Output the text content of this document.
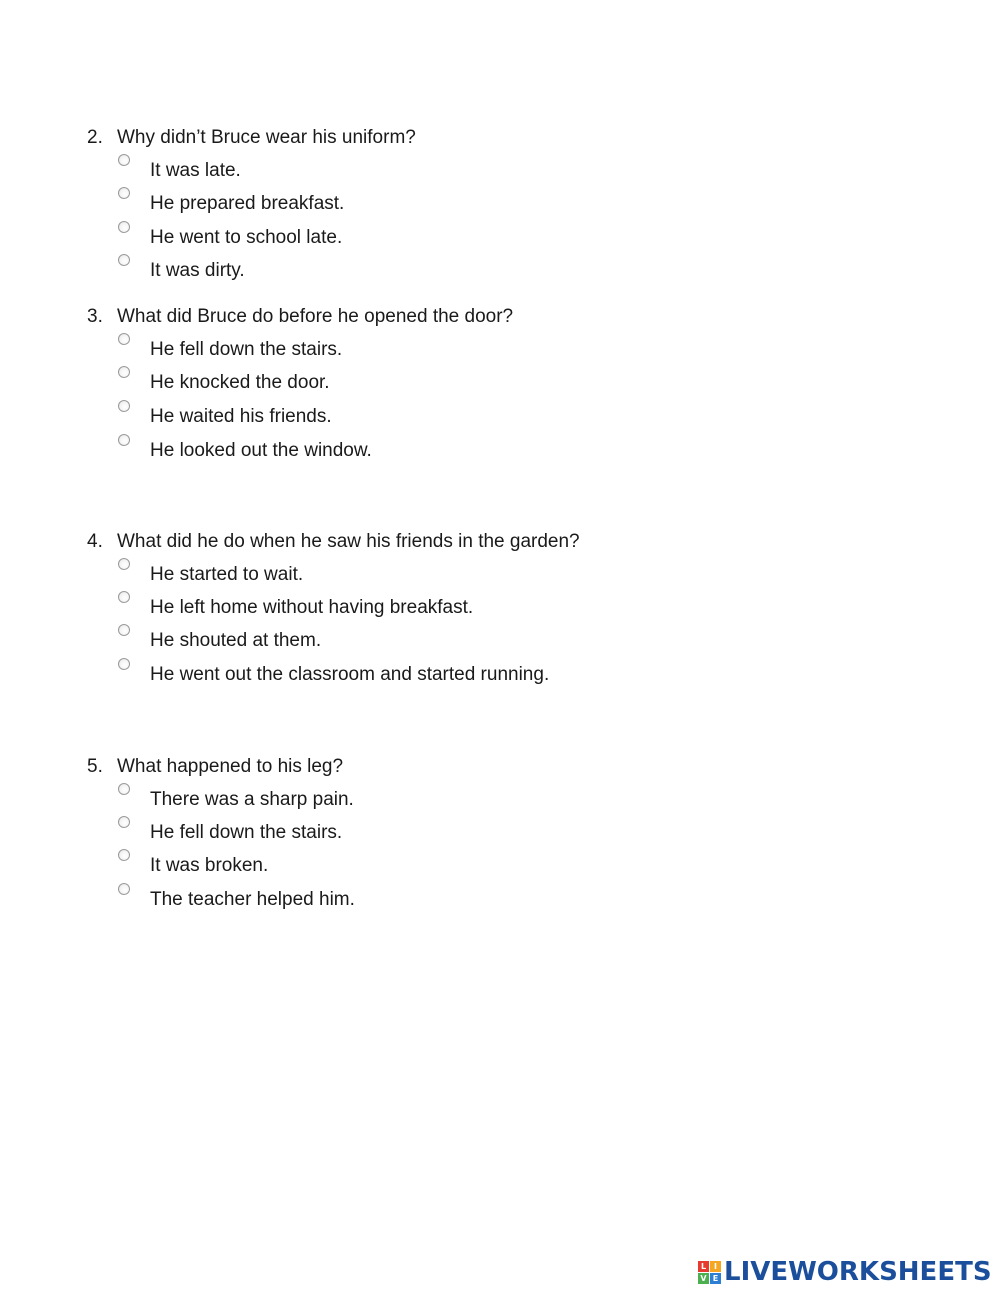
2. Why didn’t Bruce wear his uniform?
It was late.
He prepared breakfast.
He went to school late.
It was dirty.
3. What did Bruce do before he opened the door?
He fell down the stairs.
He knocked the door.
He waited his friends.
He looked out the window.
4. What did he do when he saw his friends in the garden?
He started to wait.
He left home without having breakfast.
He shouted at them.
He went out the classroom and started running.
5. What happened to his leg?
There was a sharp pain.
He fell down the stairs.
It was broken.
The teacher helped him.
L I
V E LIVEWORKSHEETS
